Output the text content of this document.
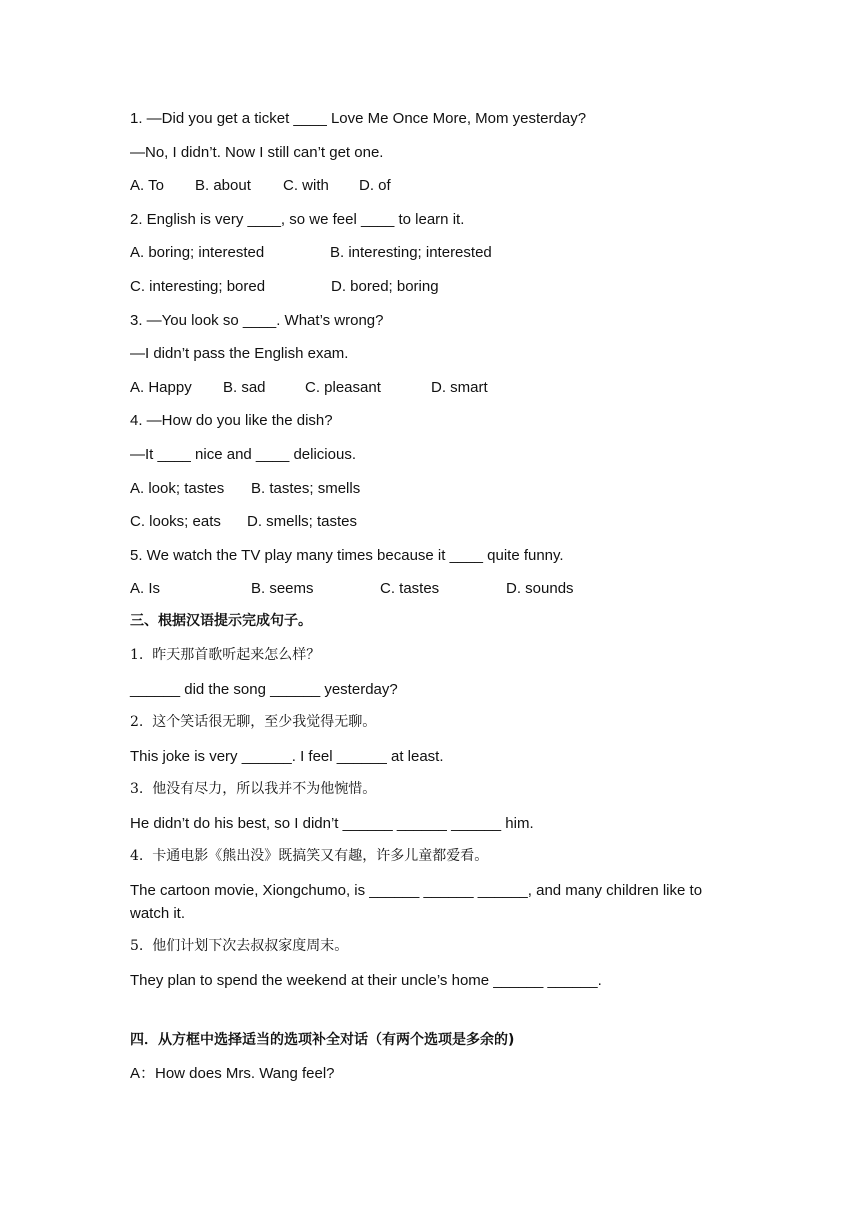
1. —Did you get a ticket ____ Love Me Once More, Mom yesterday?
—No, I didn’t. Now I still can’t get one.
A. To B. about C. with D. of
2. English is very ____, so we feel ____ to learn it.
A. boring; interested	B. interesting; interested
C. interesting; bored	D. bored; boring
3. —You look so ____. What’s wrong?
—I didn’t pass the English exam.
A. Happy B. sad	C. pleasant	D. smart
4. —How do you like the dish?
—It ____ nice and ____ delicious.
A. look; tastes B. tastes; smells
C. looks; eats D. smells; tastes
5. We watch the TV play many times because it ____ quite funny.
A. Is	B. seems	C. tastes	D. sounds
三、根据汉语提示完成句子。
1.  昨天那首歌听起来怎么样？
______ did the song ______ yesterday?
2.  这个笑话很无聊，至少我觉得无聊。
This joke is very ______. I feel ______ at least.
3.  他没有尽力，所以我并不为他惋惜。
He didn’t do his best, so I didn’t ______ ______ ______ him.
4.  卡通电影《熊出没》既搞笑又有趣，许多儿童都爱看。
The cartoon movie, Xiongchumo, is ______ ______ ______, and many children like to watch it.
5.  他们计划下次去叔叔家度周末。
They plan to spend the weekend at their uncle’s home ______ ______.
四．从方框中选择适当的选项补全对话（有两个选项是多余的)
A：How does Mrs. Wang feel?
